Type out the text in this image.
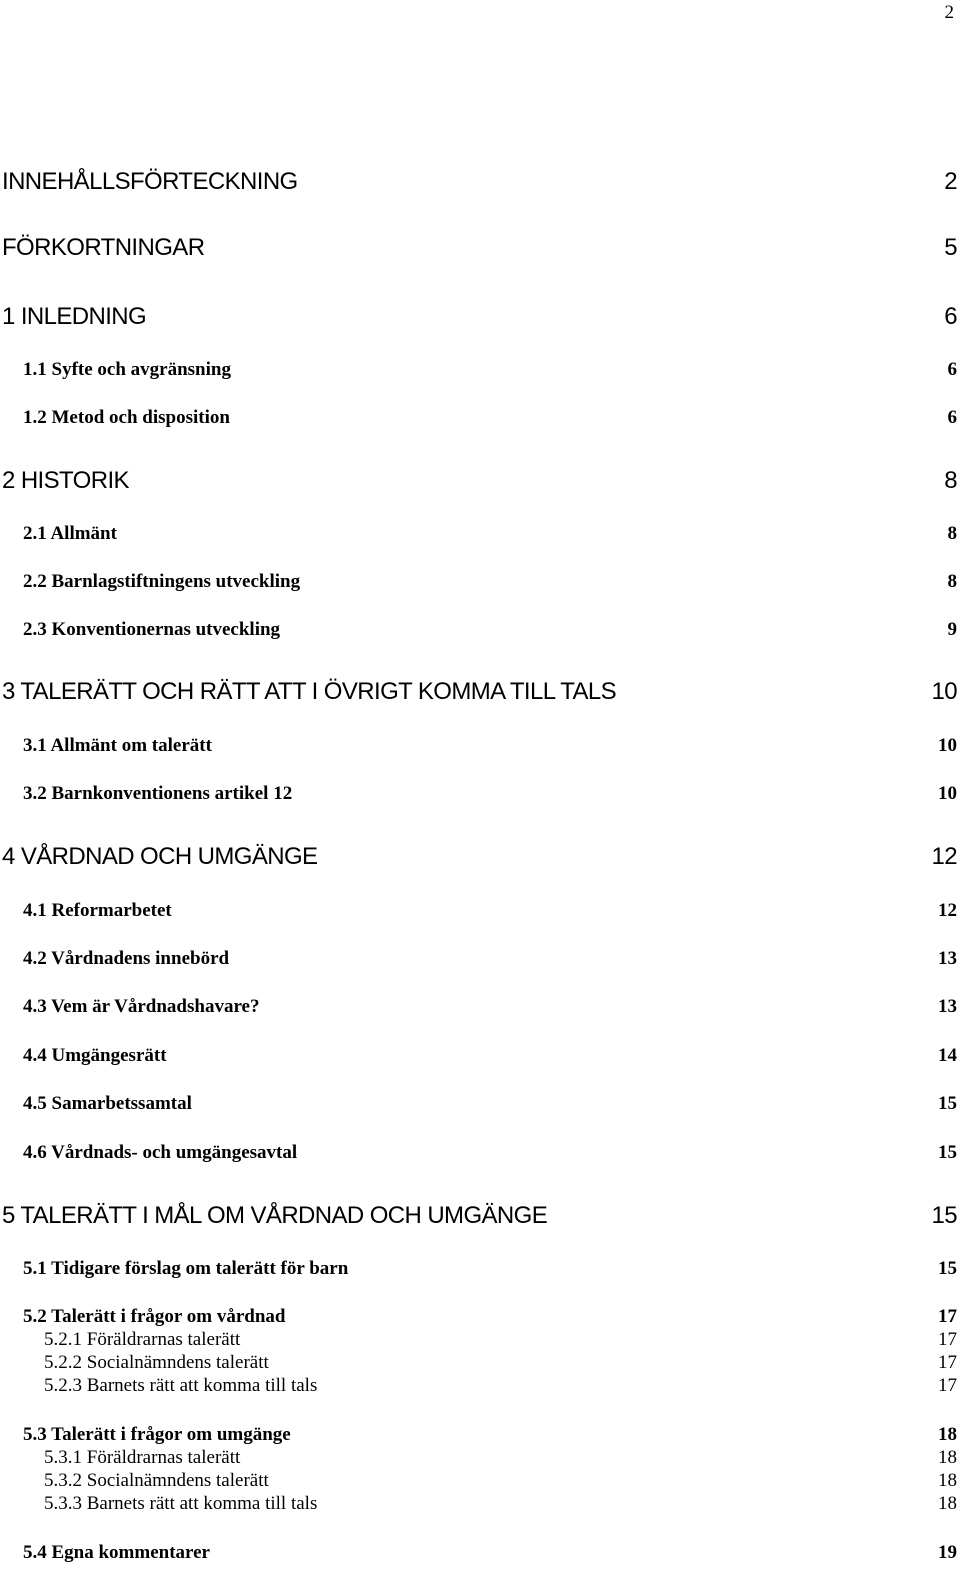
2
INNEHÅLLSFÖRTECKNING	2
FÖRKORTNINGAR	5
1 INLEDNING	6
1.1 Syfte och avgränsning	6
1.2 Metod och disposition	6
2 HISTORIK	8
2.1 Allmänt	8
2.2 Barnlagstiftningens utveckling	8
2.3 Konventionernas utveckling	9
3 TALERÄTT OCH RÄTT ATT I ÖVRIGT KOMMA TILL TALS	10
3.1 Allmänt om talerätt	10
3.2 Barnkonventionens artikel 12	10
4 VÅRDNAD OCH UMGÄNGE	12
4.1 Reformarbetet	12
4.2 Vårdnadens innebörd	13
4.3 Vem är Vårdnadshavare?	13
4.4 Umgängesrätt	14
4.5 Samarbetssamtal	15
4.6 Vårdnads- och umgängesavtal	15
5 TALERÄTT I MÅL OM VÅRDNAD OCH UMGÄNGE	15
5.1 Tidigare förslag om talerätt för barn	15
5.2 Talerätt i frågor om vårdnad	17
5.2.1 Föräldrarnas talerätt	17
5.2.2 Socialnämndens talerätt	17
5.2.3 Barnets rätt att komma till tals	17
5.3 Talerätt i frågor om umgänge	18
5.3.1 Föräldrarnas talerätt	18
5.3.2 Socialnämndens talerätt	18
5.3.3 Barnets rätt att komma till tals	18
5.4 Egna kommentarer	19
